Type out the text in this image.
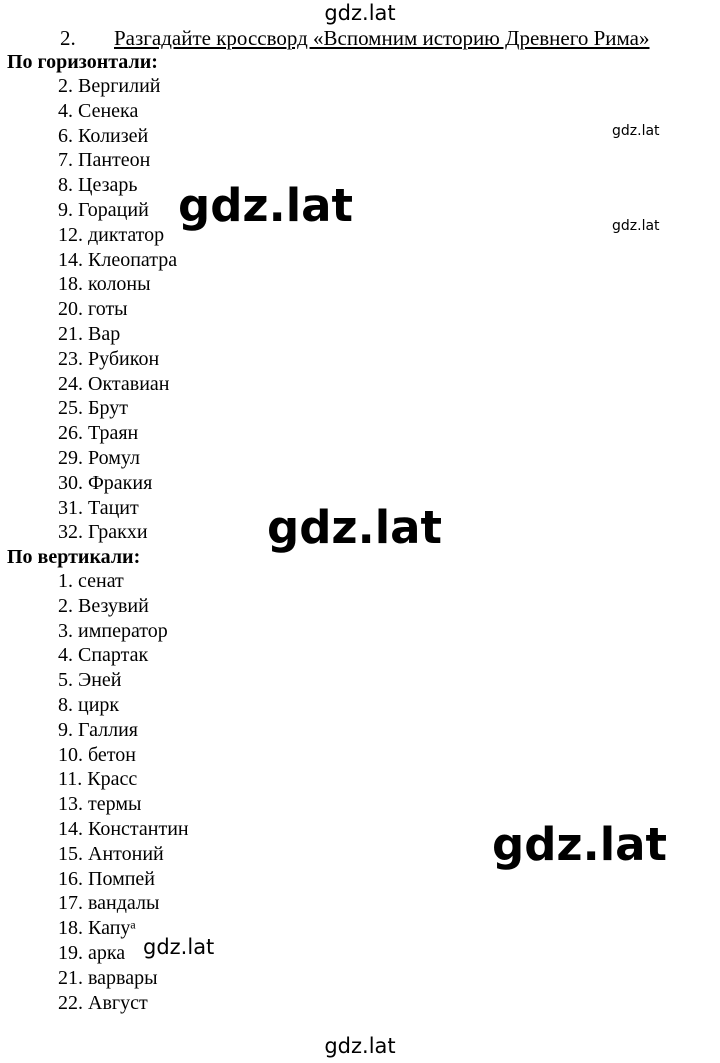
gdz.lat
2. Разгадайте кроссворд «Вспомним историю Древнего Рима»
По горизонтали:
2. Вергилий
4. Сенека
6. Колизей
7. Пантеон
8. Цезарь
9. Гораций
12. диктатор
14. Клеопатра
18. колоны
20. готы
21. Вар
23. Рубикон
24. Октавиан
25. Брут
26. Траян
29. Ромул
30. Фракия
31. Тацит
32. Гракхи
По вертикали:
1. сенат
2. Везувий
3. император
4. Спартак
5. Эней
8. цирк
9. Галлия
10. бетон
11. Красс
13. термы
14. Константин
15. Антоний
16. Помпей
17. вандалы
18. Капуᵃ
19. арка
21. варвары
22. Август
gdz.lat
gdz.lat
gdz.lat
gdz.lat
gdz.lat
gdz.lat
gdz.lat
